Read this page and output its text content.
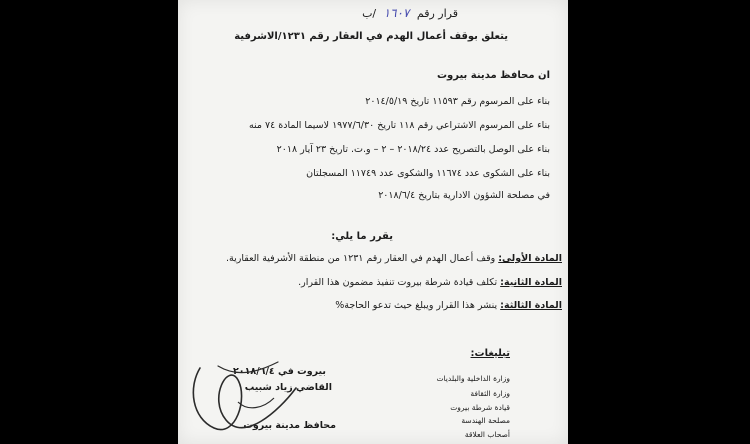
قرار رقم ١٦٠٧ /ب
يتعلق بوقف أعمال الهدم في العقار رقم ١٢٣١/الاشرفية
ان محافظ مدينة بيروت
بناء على المرسوم رقم ١١٥٩٣ تاريخ ٢٠١٤/٥/١٩
بناء على المرسوم الاشتراعي رقم ١١٨ تاريخ ١٩٧٧/٦/٣٠ لاسيما المادة ٧٤ منه
بناء على الوصل بالتصريح عدد ٢٠١٨/٢٤ – ٢ – و.ت. تاريخ ٢٣ آيار ٢٠١٨
بناء على الشكوى عدد ١١٦٧٤ والشكوى عدد ١١٧٤٩ المسجلتان
في مصلحة الشؤون الادارية بتاريخ ٢٠١٨/٦/٤
يقرر ما يلي:
المادة الأولى: وقف أعمال الهدم في العقار رقم ١٢٣١ من منطقة الأشرفية العقارية.
المادة الثانية: تكلف قيادة شرطة بيروت تنفيذ مضمون هذا القرار.
المادة الثالثة: ينشر هذا القرار ويبلغ حيث تدعو الحاجة%
تبليغات:
وزارة الداخلية والبلديات
وزارة الثقافة
قيادة شرطة بيروت
مصلحة الهندسة
أصحاب العلاقة
بيروت في ٢٠١٨/٦/٤
القاضي زياد شبيب
محافظ مدينة بيروت
